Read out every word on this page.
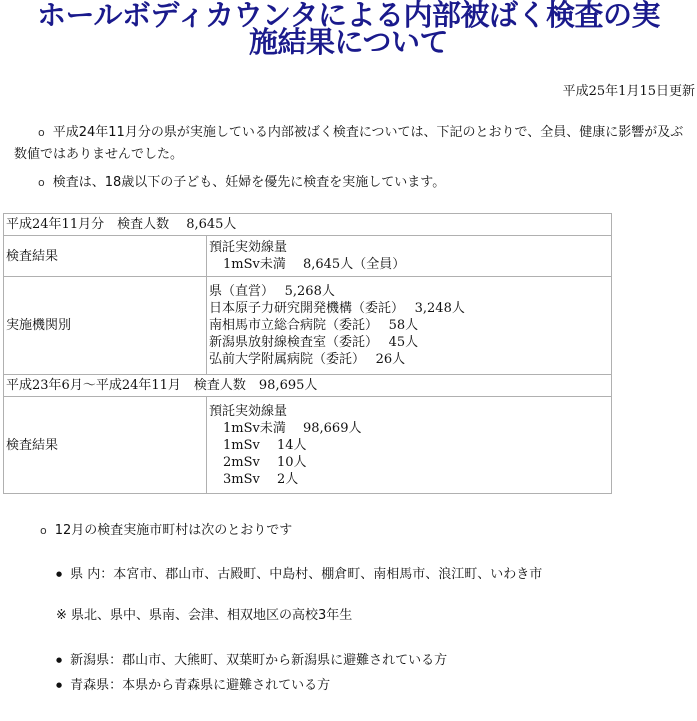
ホールボディカウンタによる内部被ばく検査の実
施結果について
平成25年1月15日更新
o 平成24年11月分の県が実施している内部被ばく検査については、下記のとおりで、全員、健康に影響が及ぶ数値ではありませんでした。
o 検査は、18歳以下の子ども、妊婦を優先に検査を実施しています。
平成24年11月分　検査人数　 8,645人	
検査結果	預託実効線量
1mSv未満　 8,645人（全員）

実施機関別	県（直営）　 5,268人
日本原子力研究開発機構（委託）　 3,248人
南相馬市立総合病院（委託）　 58人
新潟県放射線検査室（委託）　 45人
弘前大学附属病院（委託）　 26人

平成23年6月～平成24年11月　検査人数　98,695人	
検査結果	預託実効線量
1mSv未満　 98,669人
1mSv　 14人
2mSv　 10人
3mSv　 2人
o 12月の検査実施市町村は次のとおりです
● 県 内：本宮市、郡山市、古殿町、中島村、棚倉町、南相馬市、浪江町、いわき市
※ 県北、県中、県南、会津、相双地区の高校3年生
● 新潟県：郡山市、大熊町、双葉町から新潟県に避難されている方
● 青森県：本県から青森県に避難されている方
